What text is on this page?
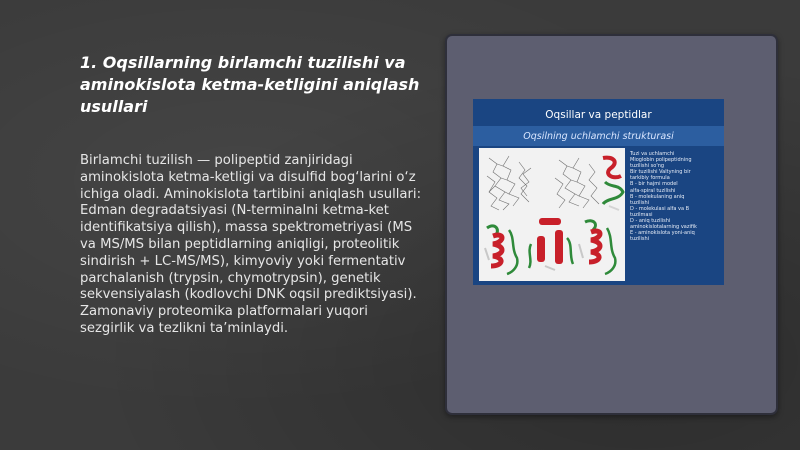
1. Oqsillarning birlamchi tuzilishi va aminokislota ketma-ketligini aniqlash usullari

Birlamchi tuzilish — polipeptid zanjiridagi aminokislota ketma-ketligi va disulfid bog‘larini o‘z ichiga oladi. Aminokislota tartibini aniqlash usullari: Edman degradatsiyasi (N-terminalni ketma-ket identifikatsiya qilish), massa spektrometriyasi (MS va MS/MS bilan peptidlarning aniqligi, proteolitik sindirish + LC-MS/MS), kimyoviy yoki fermentativ parchalanish (trypsin, chymotrypsin), genetik sekvensiyalash (kodlovchi DNK oqsil prediktsiyasi). Zamonaviy proteomika platformalari yuqori sezgirlik va tezlikni ta’minlaydi.

Oqsillar va peptidlar
Oqsilning uchlamchi strukturasi
Tuzi va uchlamchi
Mioglobin polipeptidning
tuzilishi so'ng
Bir tuzilishi Valtyning bir
tarkibiy formula
B - bir hajmi model
alfa-spiral tuzilishi
B - molekulaning aniq
tuzilishi
D - molekulasi alfa va B
tuzilmasi
D - aniq tuzilishi
aminokislotalarning vazifik
E - aminokislota yoni-aniq
tuzilishi
